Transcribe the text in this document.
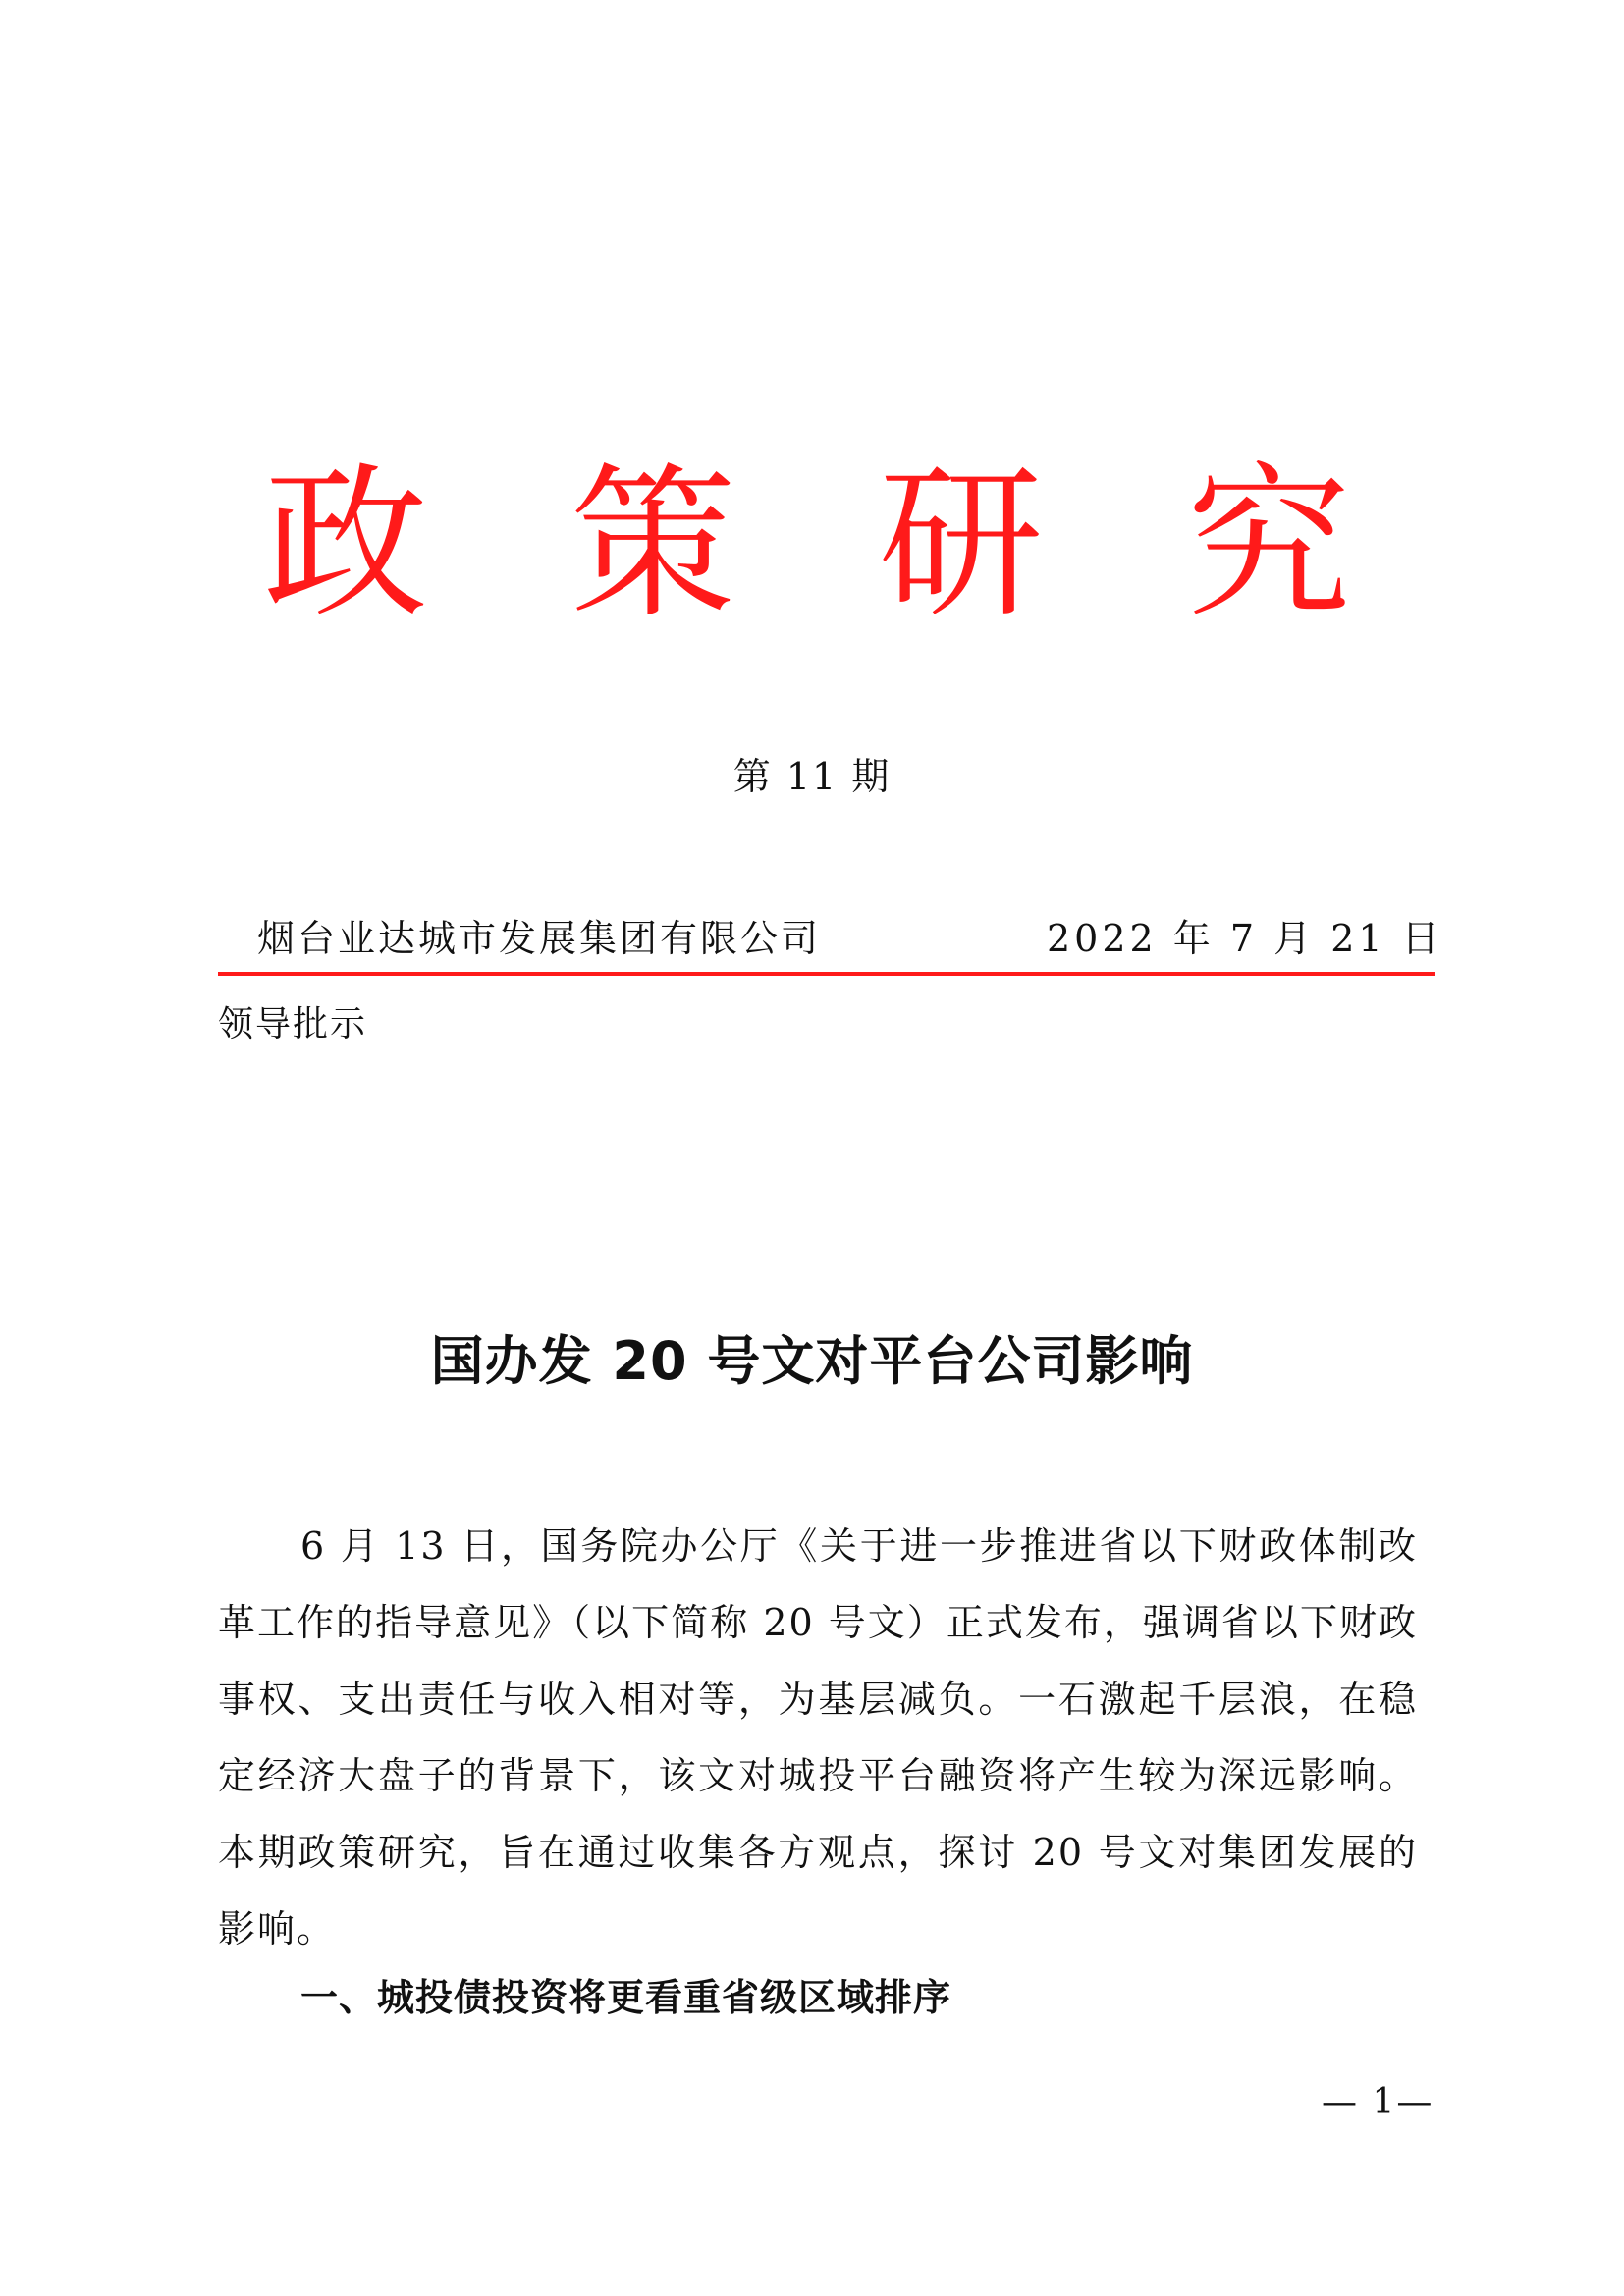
政 策 研 究
第 11 期
烟台业达城市发展集团有限公司	2022 年 7 月 21 日
领导批示
国办发 20 号文对平台公司影响

6 月 13 日，国务院办公厅《关于进一步推进省以下财政体制改革工作的指导意见》（以下简称 20 号文）正式发布，强调省以下财政事权、支出责任与收入相对等，为基层减负。一石激起千层浪，在稳定经济大盘子的背景下，该文对城投平台融资将产生较为深远影响。本期政策研究，旨在通过收集各方观点，探讨 20 号文对集团发展的影响。

一、城投债投资将更看重省级区域排序
— 1—
